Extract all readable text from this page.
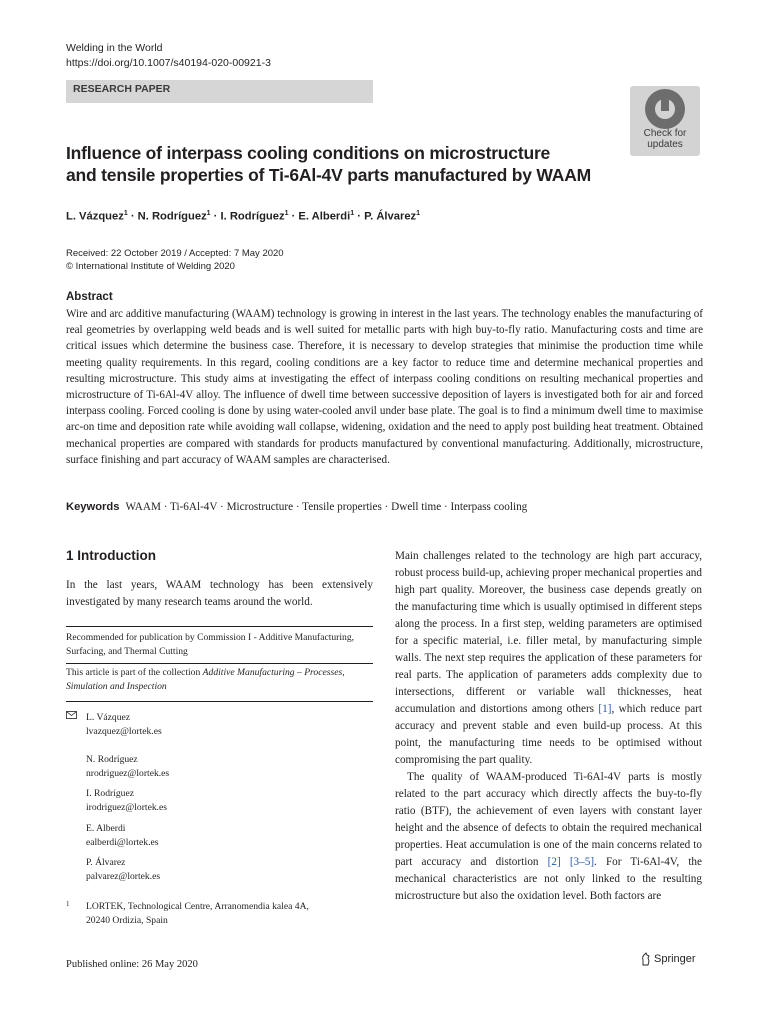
Welding in the World
https://doi.org/10.1007/s40194-020-00921-3
RESEARCH PAPER
Check for
updates
Influence of interpass cooling conditions on microstructure
and tensile properties of Ti-6Al-4V parts manufactured by WAAM
L. Vázquez$^1$ · N. Rodríguez$^1$ · I. Rodríguez$^1$ · E. Alberdi$^1$ · P. Álvarez$^1$
Received: 22 October 2019 / Accepted: 7 May 2020
© International Institute of Welding 2020
Abstract
Wire and arc additive manufacturing (WAAM) technology is growing in interest in the last years. The technology enables the manufacturing of real geometries by overlapping weld beads and is well suited for metallic parts with high buy-to-fly ratio. Manufacturing costs and time are critical issues which determine the business case. Therefore, it is necessary to develop strategies that minimise the production time while meeting quality requirements. In this regard, cooling conditions are a key factor to reduce time and determine mechanical properties and resulting microstructure. This study aims at investigating the effect of interpass cooling conditions on resulting mechanical properties and microstructure of Ti-6Al-4V alloy. The influence of dwell time between successive deposition of layers is investigated both for air and forced interpass cooling. Forced cooling is done by using water-cooled anvil under base plate. The goal is to find a minimum dwell time to maximise arc-on time and deposition rate while avoiding wall collapse, widening, oxidation and the need to apply post building heat treatment. Obtained mechanical properties are compared with standards for products manufactured by conventional manufacturing. Additionally, microstructure, surface finishing and part accuracy of WAAM samples are characterised.
Keywords WAAM · Ti-6Al-4V · Microstructure · Tensile properties · Dwell time · Interpass cooling
1 Introduction
In the last years, WAAM technology has been extensively investigated by many research teams around the world.
Recommended for publication by Commission I - Additive Manufacturing, Surfacing, and Thermal Cutting
This article is part of the collection Additive Manufacturing – Processes, Simulation and Inspection
L. Vázquez
lvazquez@lortek.es
N. Rodríguez
nrodriguez@lortek.es
I. Rodríguez
irodriguez@lortek.es
E. Alberdi
ealberdi@lortek.es
P. Álvarez
palvarez@lortek.es
1 LORTEK, Technological Centre, Arranomendia kalea 4A,
20240 Ordizia, Spain
Published online: 26 May 2020	Springer

Main challenges related to the technology are high part accuracy, robust process build-up, achieving proper mechanical properties and high part quality. Moreover, the business case depends greatly on the manufacturing time which is usually optimised in different steps along the process. In a first step, welding parameters are optimised for a specific material, i.e. filler metal, by manufacturing simple walls. The next step requires the application of these parameters for real parts. The application of parameters adds complexity due to intersections, different or variable wall thicknesses, heat accumulation and distortions among others [1], which reduce part accuracy and prevent stable and even build-up process. At this point, the manufacturing time needs to be optimised without compromising the part quality.

The quality of WAAM-produced Ti-6Al-4V parts is mostly related to the part accuracy which directly affects the buy-to-fly ratio (BTF), the achievement of even layers with constant layer height and the absence of defects to obtain the required mechanical properties. Heat accumulation is one of the main concerns related to part accuracy and distortion [2] [3–5]. For Ti-6Al-4V, the mechanical characteristics are not only linked to the resulting microstructure but also the oxidation level. Both factors are
